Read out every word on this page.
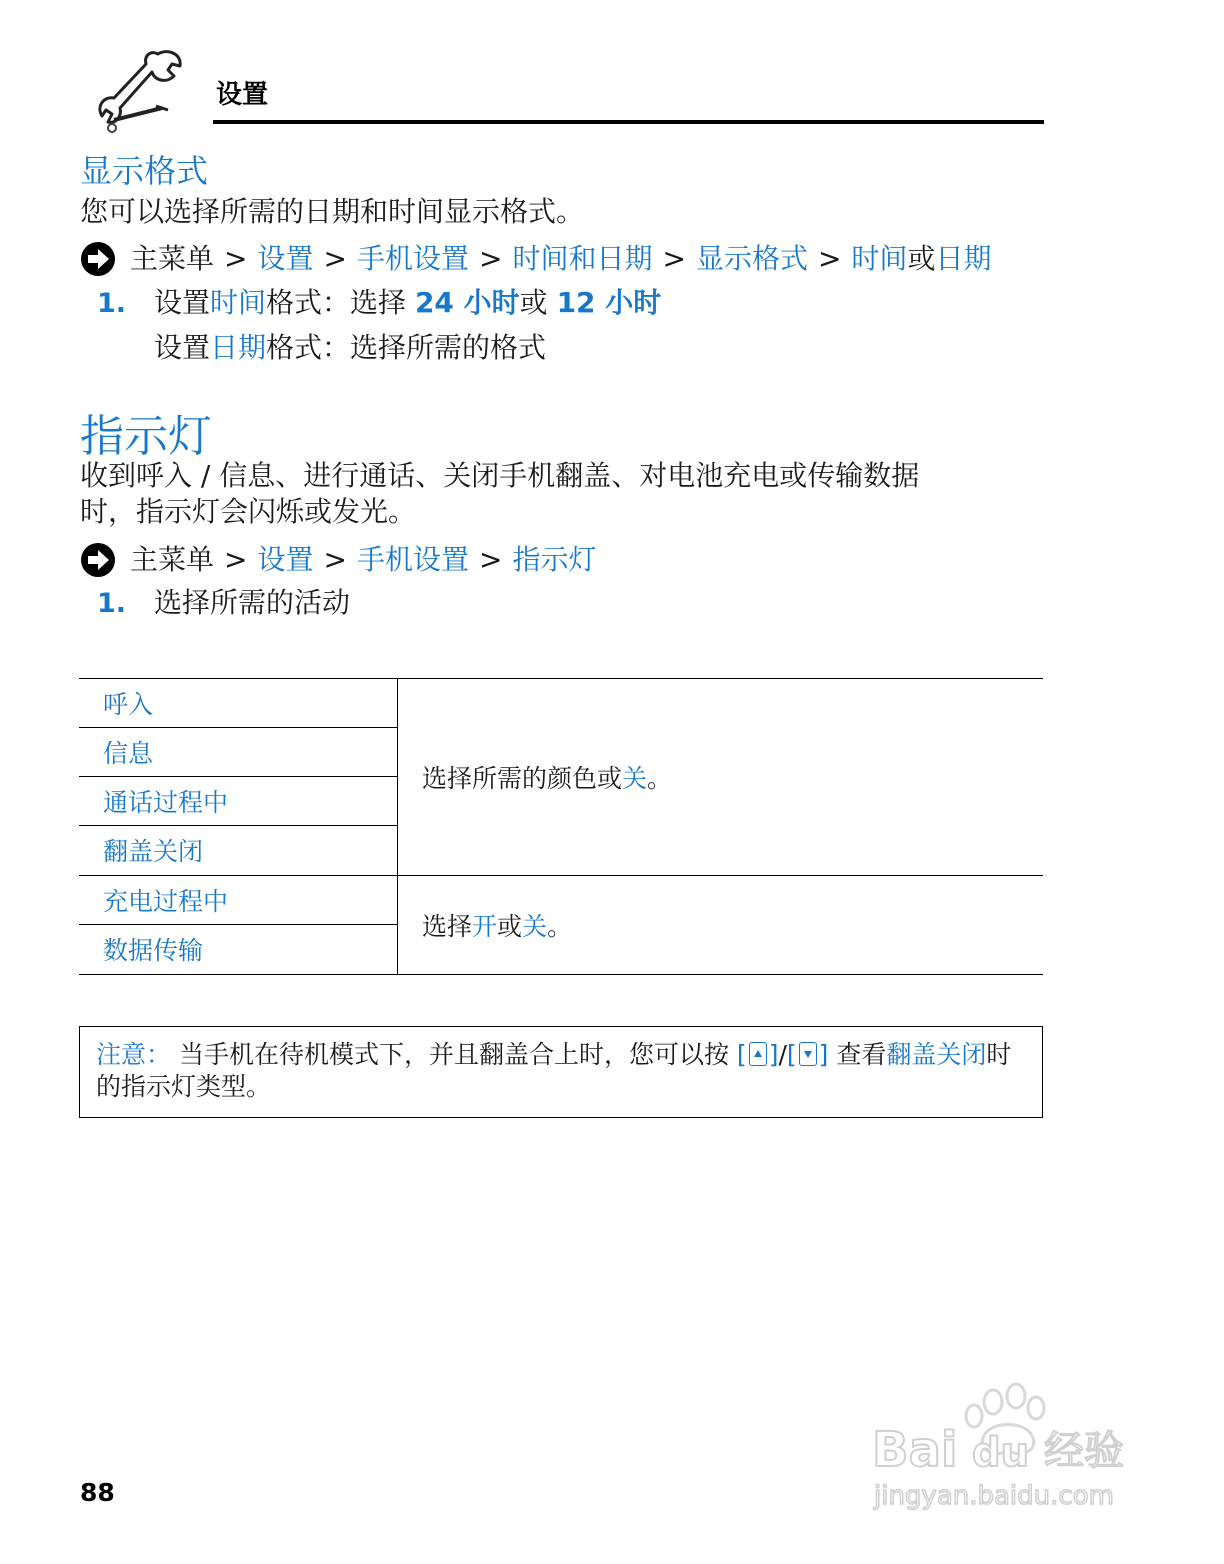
设置
显示格式
您可以选择所需的日期和时间显示格式。
主菜单 > 设置 > 手机设置 > 时间和日期 > 显示格式 > 时间 或 日期
1. 设置时间格式：选择 24 小时或 12 小时
设置日期格式：选择所需的格式
指示灯
收到呼入 / 信息、进行通话、关闭手机翻盖、对电池充电或传输数据
时，指示灯会闪烁或发光。
主菜单 > 设置 > 手机设置 > 指示灯
1. 选择所需的活动
呼入
信息
通话过程中
翻盖关闭
选择所需的颜色或 关 。
充电过程中
数据传输
选择 开 或 关 。
注意： 当手机在待机模式下，并且翻盖合上时，您可以按 [ ]/[ ] 查看翻盖关闭时的指示灯类型。
88
Bai du 经验
jingyan.baidu.com
